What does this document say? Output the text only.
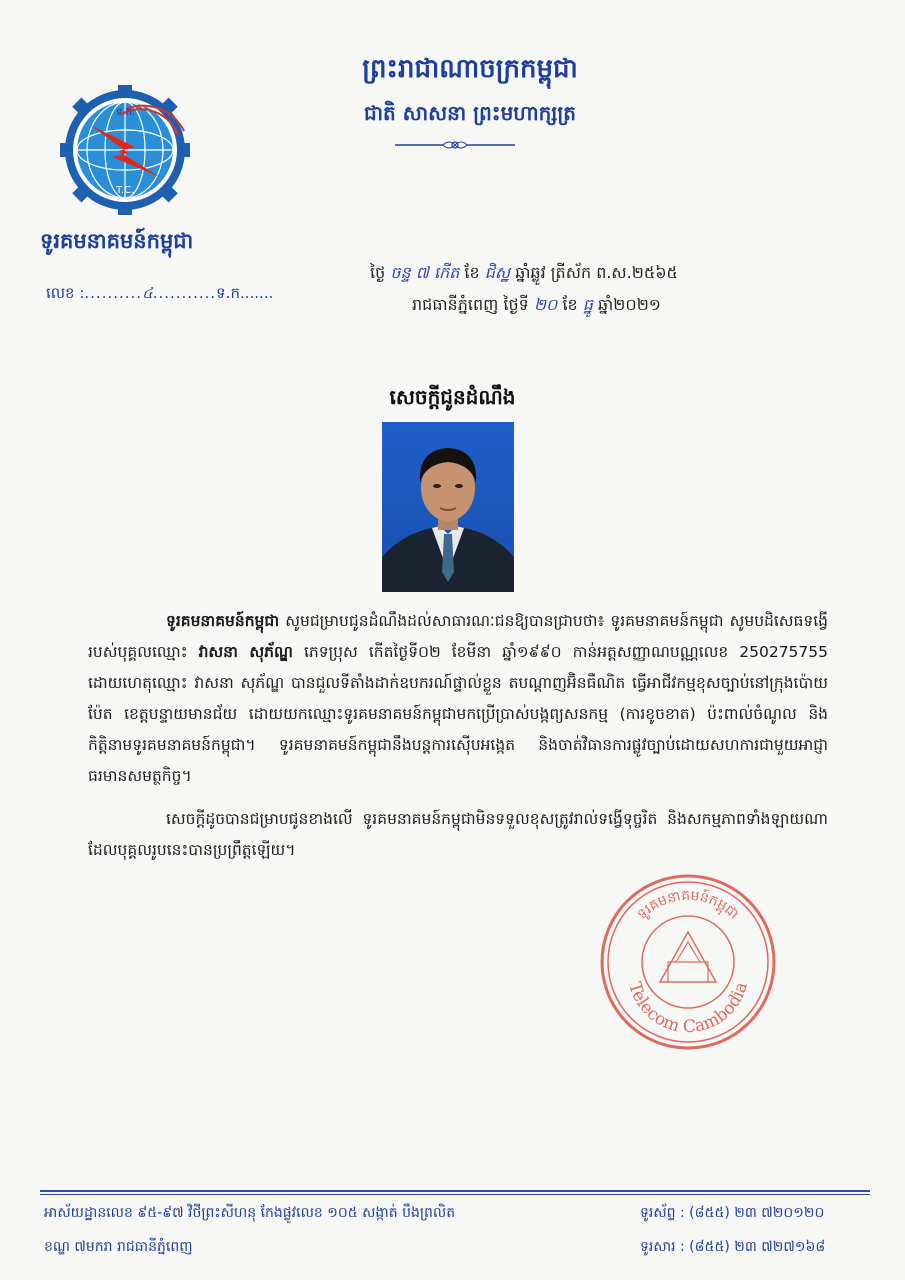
ព្រះរាជាណាចក្រកម្ពុជា
ជាតិ សាសនា ព្រះមហាក្សត្រ
ទ.ក.
T.C.
ទូរគមនាគមន៍កម្ពុជា
លេខ :..........៤...........ទ.ក.......
ថ្ងៃ ចន្ទ ៧ កេីត ខែ ជិស្ឋ ឆ្នាំឆ្លូវ ត្រីស័ក ព.ស.២៥៦៥
រាជធានីភ្នំពេញ ថ្ងៃទី ២០ ខែ ធ្នូ ឆ្នាំ២០២១
សេចក្តីជូនដំណឹង

ទូរគមនាគមន៍កម្ពុជា សូមជម្រាបជូនដំណឹងដល់សាធារណៈជនឱ្យបានជ្រាបថា៖ ទូរគមនាគមន៍កម្ពុជា សូមបដិសេធទង្វើរបស់បុគ្គលឈ្មោះ វាសនា សុភ័ណ្ឌ ភេទប្រុស កើតថ្ងៃទី០២ ខែមីនា ឆ្នាំ១៩៩០ កាន់អត្តសញ្ញាណបណ្ណលេខ 250275755 ដោយហេតុឈ្មោះ វាសនា សុភ័ណ្ឌ បានជួលទីតាំងដាក់ឧបករណ៍ផ្ទាល់ខ្លួន តបណ្តាញអ៊ិនធឺណិត ធ្វើអាជីវកម្មខុសច្បាប់នៅក្រុងប៉ោយប៉ែត ខេត្តបន្ទាយមានជ័យ ដោយយកឈ្មោះទូរគមនាគមន៍កម្ពុជាមកប្រើប្រាស់បង្កព្យសនកម្ម (ការខូចខាត) ប៉ះពាល់ចំណូល និងកិត្តិនាមទូរគមនាគមន៍កម្ពុជា។ ទូរគមនាគមន៍កម្ពុជានឹងបន្តការស៊ើបអង្កេត និងចាត់វិធានការផ្លូវច្បាប់ដោយសហការជាមួយអាជ្ញាធរមានសមត្ថកិច្ច។

សេចក្តីដូចបានជម្រាបជូនខាងលើ ទូរគមនាគមន៍កម្ពុជាមិនទទួលខុសត្រូវរាល់ទង្វើទុច្ចរិត និងសកម្មភាពទាំងឡាយណា ដែលបុគ្គលរូបនេះបានប្រព្រឹត្តឡើយ។

ទូរគមនាគមន៍កម្ពុជា
Telecom Cambodia
អាស័យដ្ឋានលេខ ៩៥-៩៧ វិថីព្រះសីហនុ កែងផ្លូវលេខ ១០៥ សង្កាត់ បឹងព្រលិត
ខណ្ឌ ៧មករា រាជធានីភ្នំពេញ
ទូរស័ព្ទ : (៨៥៥) ២៣ ៧២០១២០
ទូរសារ : (៨៥៥) ២៣ ៧២៧១៦៨
